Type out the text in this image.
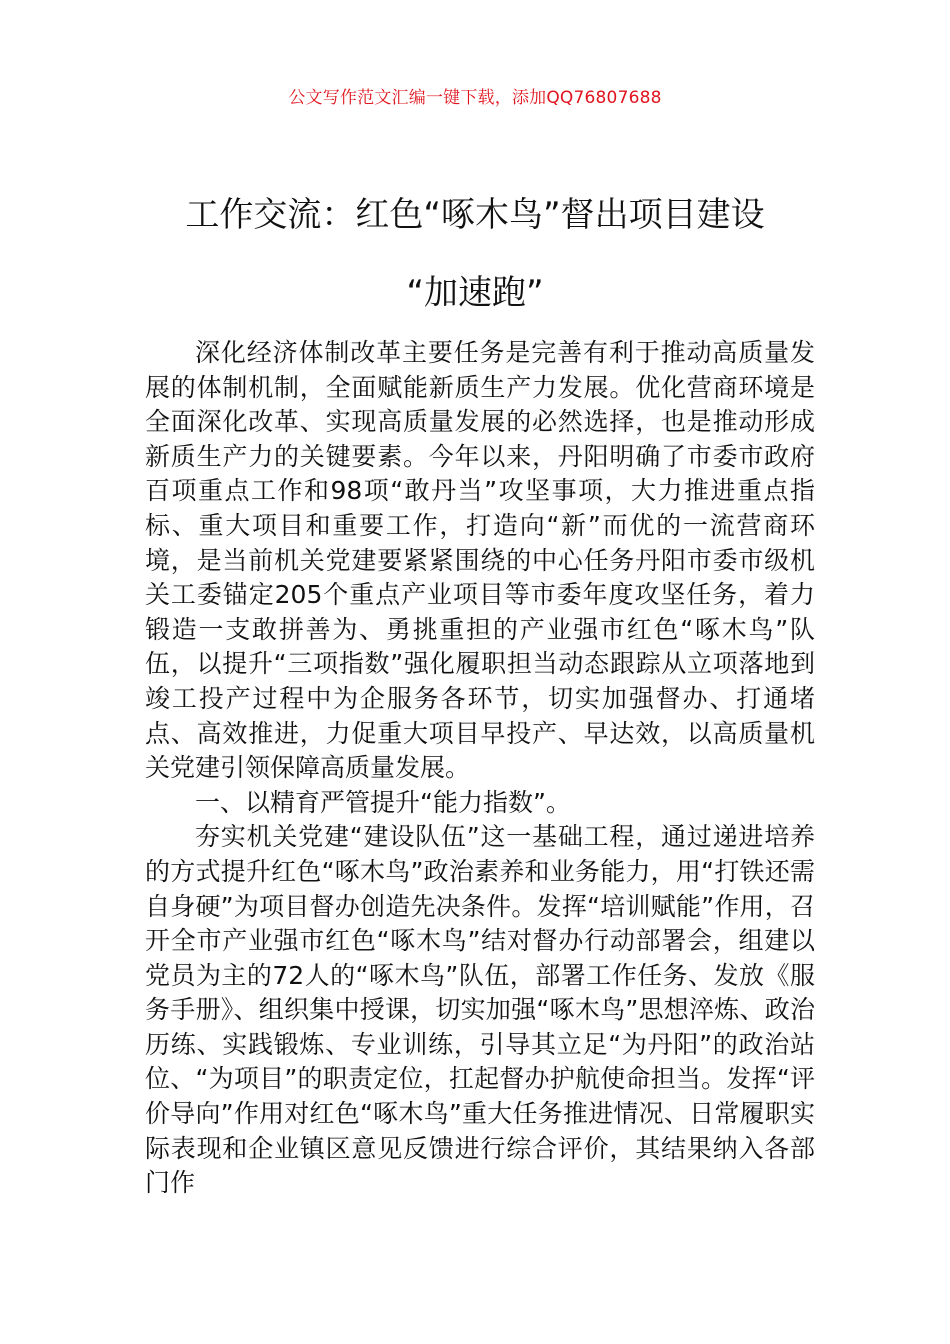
公文写作范文汇编一键下载，添加QQ76807688
工作交流：红色“啄木鸟”督出项目建设
“加速跑”

深化经济体制改革主要任务是完善有利于推动高质量发展的体制机制，全面赋能新质生产力发展。优化营商环境是全面深化改革、实现高质量发展的必然选择，也是推动形成新质生产力的关键要素。今年以来，丹阳明确了市委市政府百项重点工作和98项“敢丹当”攻坚事项，大力推进重点指标、重大项目和重要工作，打造向“新”而优的一流营商环境，是当前机关党建要紧紧围绕的中心任务丹阳市委市级机关工委锚定205个重点产业项目等市委年度攻坚任务，着力锻造一支敢拼善为、勇挑重担的产业强市红色“啄木鸟”队伍，以提升“三项指数”强化履职担当动态跟踪从立项落地到竣工投产过程中为企服务各环节，切实加强督办、打通堵点、高效推进，力促重大项目早投产、早达效，以高质量机关党建引领保障高质量发展。

一、以精育严管提升“能力指数”。

夯实机关党建“建设队伍”这一基础工程，通过递进培养的方式提升红色“啄木鸟”政治素养和业务能力，用“打铁还需自身硬”为项目督办创造先决条件。发挥“培训赋能”作用，召开全市产业强市红色“啄木鸟”结对督办行动部署会，组建以党员为主的72人的“啄木鸟”队伍，部署工作任务、发放《服务手册》、组织集中授课，切实加强“啄木鸟”思想淬炼、政治历练、实践锻炼、专业训练，引导其立足“为丹阳”的政治站位、“为项目”的职责定位，扛起督办护航使命担当。发挥“评价导向”作用对红色“啄木鸟”重大任务推进情况、日常履职实际表现和企业镇区意见反馈进行综合评价，其结果纳入各部门作
